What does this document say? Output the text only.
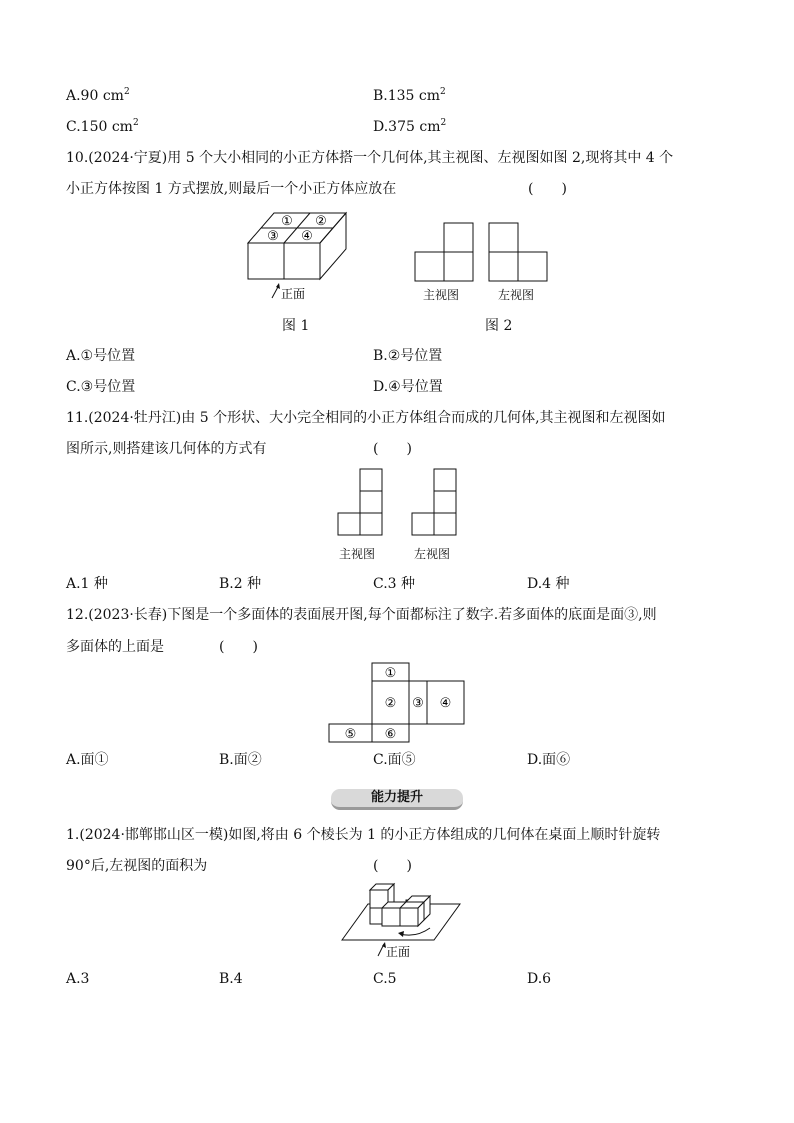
A.90 $cm^2$	B.135 $cm^2$
C.150 $cm^2$	D.375 $cm^2$
10.(2024·宁夏)用 5 个大小相同的小正方体搭一个几何体,其主视图、左视图如图 2,现将其中 4 个
小正方体按图 1 方式摆放,则最后一个小正方体应放在	(　　)
① ②
③ ④
正面	主视图	左视图
图 1	图 2
A.①号位置	B.②号位置
C.③号位置	D.④号位置
11.(2024·牡丹江)由 5 个形状、大小完全相同的小正方体组合而成的几何体,其主视图和左视图如
图所示,则搭建该几何体的方式有	(　　)
主视图	左视图
A.1 种	B.2 种	C.3 种	D.4 种
12.(2023·长春)下图是一个多面体的表面展开图,每个面都标注了数字.若多面体的底面是面③,则
多面体的上面是	(　　)
①
② ③ ④
⑤ ⑥
A.面①	B.面②	C.面⑤	D.面⑥
能力提升
1.(2024·邯郸邯山区一模)如图,将由 6 个棱长为 1 的小正方体组成的几何体在桌面上顺时针旋转
90°后,左视图的面积为	(　　)
正面
A.3	B.4	C.5	D.6
